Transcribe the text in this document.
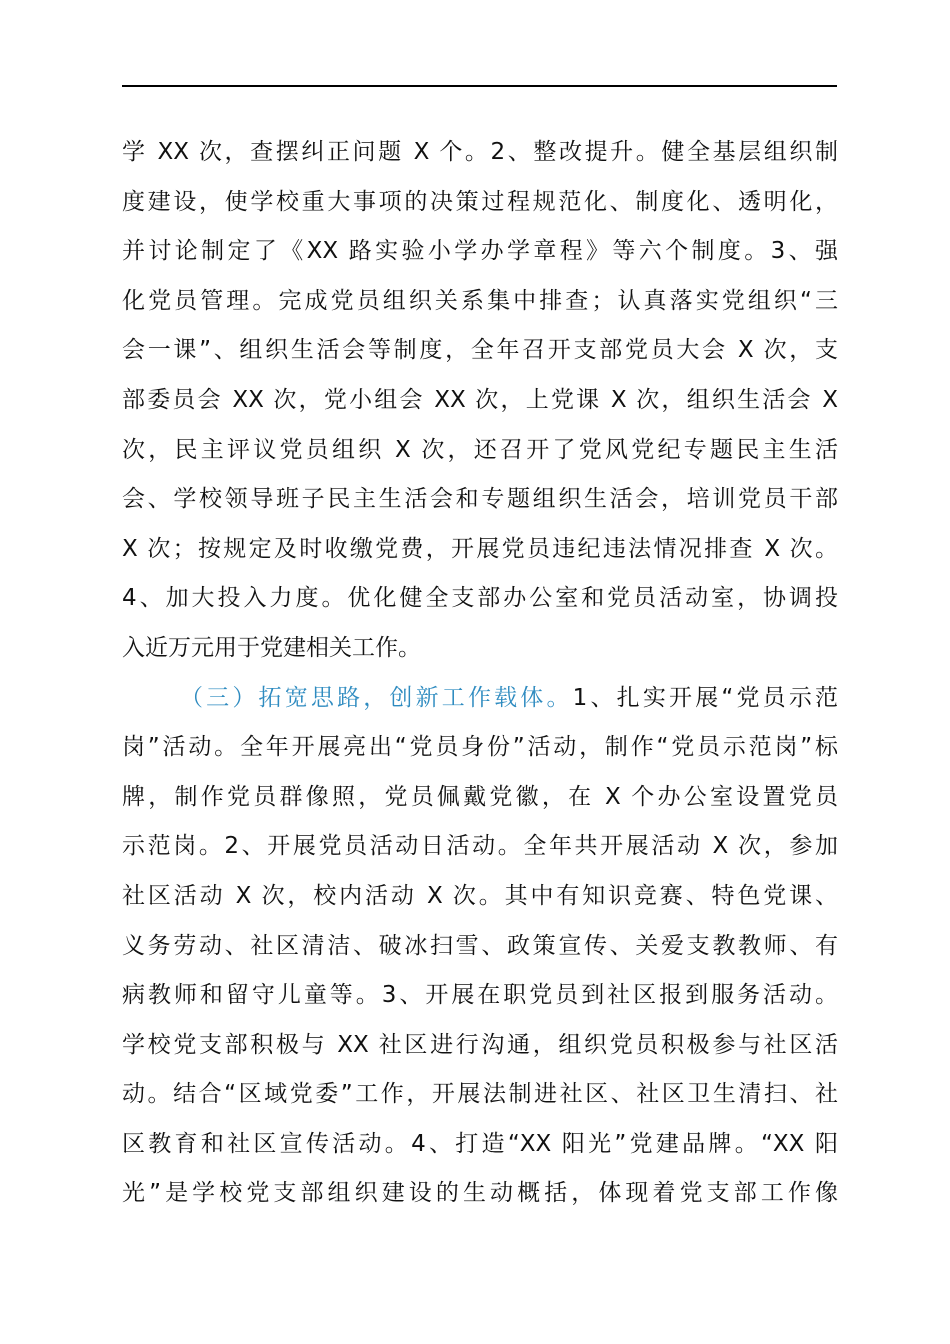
学 XX 次，查摆纠正问题 X 个。2、整改提升。健全基层组织制
度建设，使学校重大事项的决策过程规范化、制度化、透明化，
并讨论制定了《XX 路实验小学办学章程》等六个制度。3、强
化党员管理。完成党员组织关系集中排查；认真落实党组织“三
会一课”、组织生活会等制度，全年召开支部党员大会 X 次，支
部委员会 XX 次，党小组会 XX 次，上党课 X 次，组织生活会 X
次，民主评议党员组织 X 次，还召开了党风党纪专题民主生活
会、学校领导班子民主生活会和专题组织生活会，培训党员干部
X 次；按规定及时收缴党费，开展党员违纪违法情况排查 X 次。
4、加大投入力度。优化健全支部办公室和党员活动室，协调投
入近万元用于党建相关工作。
（三）拓宽思路，创新工作载体。1、扎实开展“党员示范
岗”活动。全年开展亮出“党员身份”活动，制作“党员示范岗”标
牌，制作党员群像照，党员佩戴党徽，在 X 个办公室设置党员
示范岗。2、开展党员活动日活动。全年共开展活动 X 次，参加
社区活动 X 次，校内活动 X 次。其中有知识竞赛、特色党课、
义务劳动、社区清洁、破冰扫雪、政策宣传、关爱支教教师、有
病教师和留守儿童等。3、开展在职党员到社区报到服务活动。
学校党支部积极与 XX 社区进行沟通，组织党员积极参与社区活
动。结合“区域党委”工作，开展法制进社区、社区卫生清扫、社
区教育和社区宣传活动。4、打造“XX 阳光”党建品牌。“XX 阳
光”是学校党支部组织建设的生动概括，体现着党支部工作像
